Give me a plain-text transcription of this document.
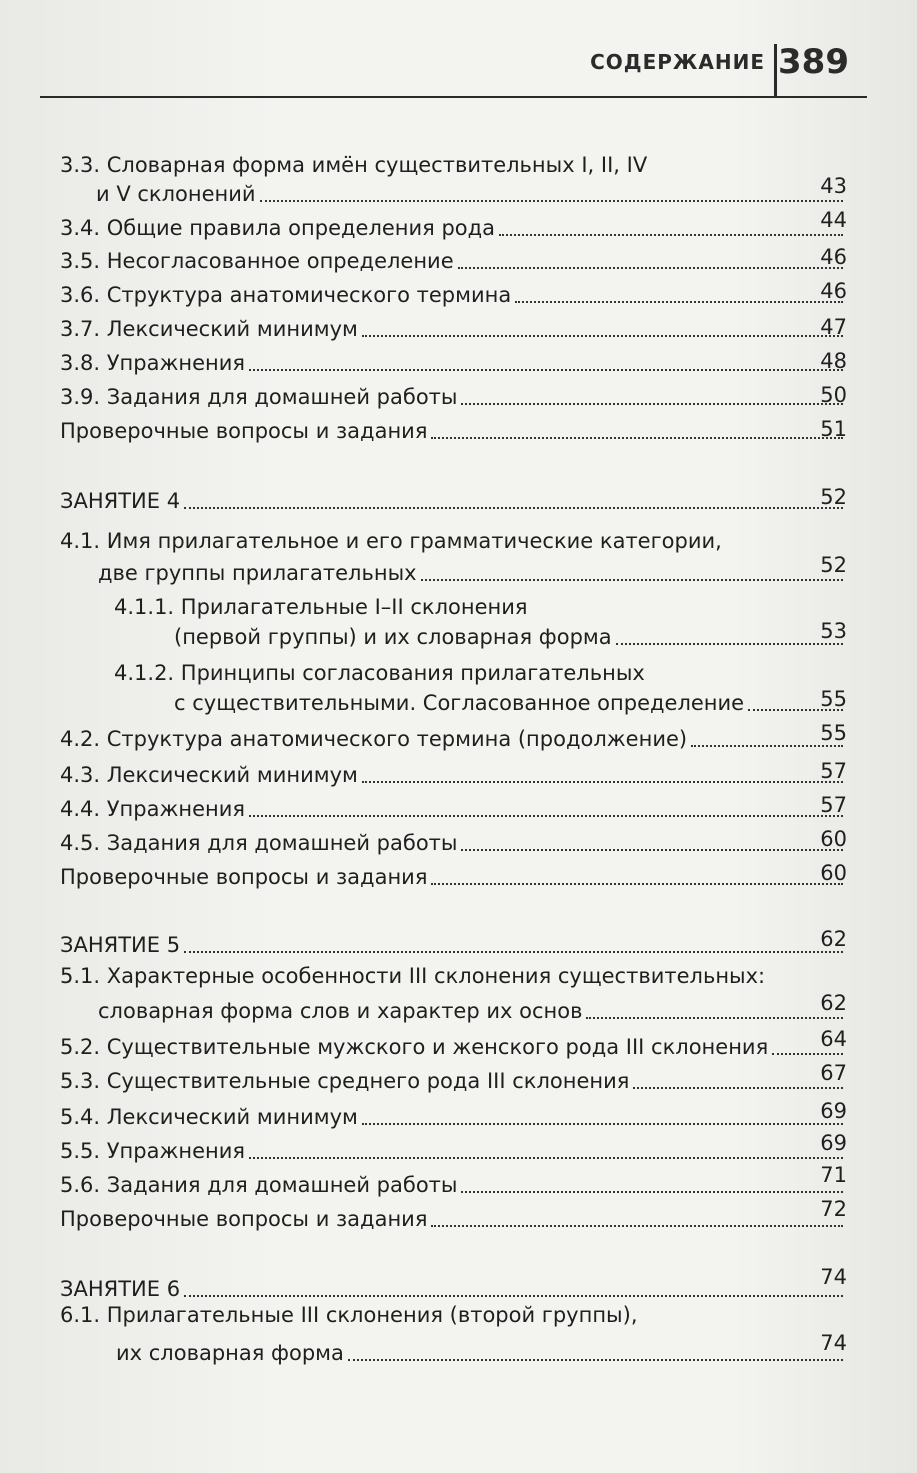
СОДЕРЖАНИЕ 389
3.3. Словарная форма имён существительных I, II, IV
и V склонений	43
3.4. Общие правила определения рода	44
3.5. Несогласованное определение	46
3.6. Структура анатомического термина	46
3.7. Лексический минимум	47
3.8. Упражнения	48
3.9. Задания для домашней работы	50
Проверочные вопросы и задания	51
ЗАНЯТИЕ 4	52
4.1. Имя прилагательное и его грамматические категории,
две группы прилагательных	52
4.1.1. Прилагательные I–II склонения
(первой группы) и их словарная форма	53
4.1.2. Принципы согласования прилагательных
с существительными. Согласованное определение	55
4.2. Структура анатомического термина (продолжение)	55
4.3. Лексический минимум	57
4.4. Упражнения	57
4.5. Задания для домашней работы	60
Проверочные вопросы и задания	60
ЗАНЯТИЕ 5	62
5.1. Характерные особенности III склонения существительных:
словарная форма слов и характер их основ	62
5.2. Существительные мужского и женского рода III склонения 64
5.3. Существительные среднего рода III склонения	67
5.4. Лексический минимум	69
5.5. Упражнения	69
5.6. Задания для домашней работы	71
Проверочные вопросы и задания	72
ЗАНЯТИЕ 6	74
6.1. Прилагательные III склонения (второй группы),
их словарная форма	74
